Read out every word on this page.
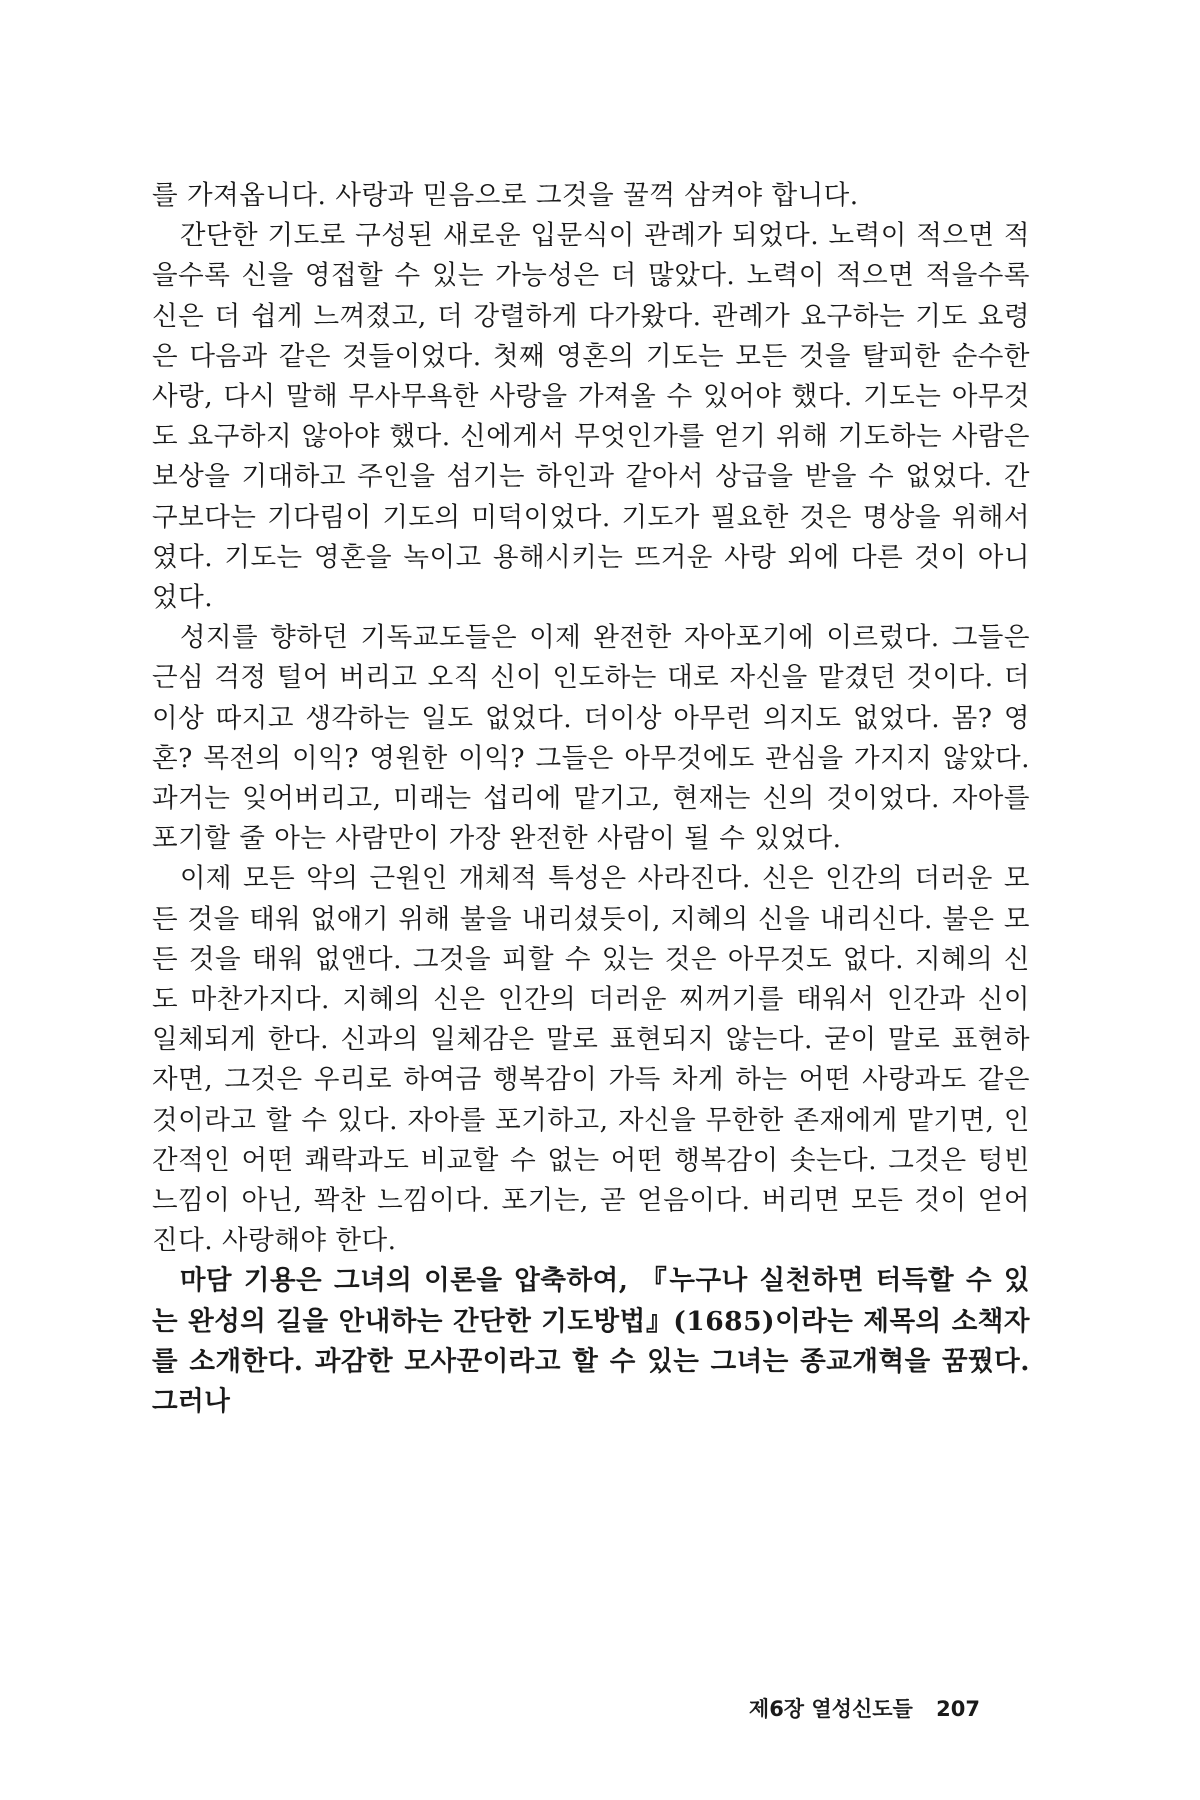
를 가져옵니다. 사랑과 믿음으로 그것을 꿀꺽 삼켜야 합니다.

간단한 기도로 구성된 새로운 입문식이 관례가 되었다. 노력이 적으면 적을수록 신을 영접할 수 있는 가능성은 더 많았다. 노력이 적으면 적을수록 신은 더 쉽게 느껴졌고, 더 강렬하게 다가왔다. 관례가 요구하는 기도 요령은 다음과 같은 것들이었다. 첫째 영혼의 기도는 모든 것을 탈피한 순수한 사랑, 다시 말해 무사무욕한 사랑을 가져올 수 있어야 했다. 기도는 아무것도 요구하지 않아야 했다. 신에게서 무엇인가를 얻기 위해 기도하는 사람은 보상을 기대하고 주인을 섬기는 하인과 같아서 상급을 받을 수 없었다. 간구보다는 기다림이 기도의 미덕이었다. 기도가 필요한 것은 명상을 위해서였다. 기도는 영혼을 녹이고 용해시키는 뜨거운 사랑 외에 다른 것이 아니었다.

성지를 향하던 기독교도들은 이제 완전한 자아포기에 이르렀다. 그들은 근심 걱정 털어 버리고 오직 신이 인도하는 대로 자신을 맡겼던 것이다. 더 이상 따지고 생각하는 일도 없었다. 더이상 아무런 의지도 없었다. 몸? 영혼? 목전의 이익? 영원한 이익? 그들은 아무것에도 관심을 가지지 않았다. 과거는 잊어버리고, 미래는 섭리에 맡기고, 현재는 신의 것이었다. 자아를 포기할 줄 아는 사람만이 가장 완전한 사람이 될 수 있었다.

이제 모든 악의 근원인 개체적 특성은 사라진다. 신은 인간의 더러운 모든 것을 태워 없애기 위해 불을 내리셨듯이, 지혜의 신을 내리신다. 불은 모든 것을 태워 없앤다. 그것을 피할 수 있는 것은 아무것도 없다. 지혜의 신도 마찬가지다. 지혜의 신은 인간의 더러운 찌꺼기를 태워서 인간과 신이 일체되게 한다. 신과의 일체감은 말로 표현되지 않는다. 굳이 말로 표현하자면, 그것은 우리로 하여금 행복감이 가득 차게 하는 어떤 사랑과도 같은 것이라고 할 수 있다. 자아를 포기하고, 자신을 무한한 존재에게 맡기면, 인간적인 어떤 쾌락과도 비교할 수 없는 어떤 행복감이 솟는다. 그것은 텅빈 느낌이 아닌, 꽉찬 느낌이다. 포기는, 곧 얻음이다. 버리면 모든 것이 얻어진다. 사랑해야 한다.

마담 기용은 그녀의 이론을 압축하여, 『누구나 실천하면 터득할 수 있는 완성의 길을 안내하는 간단한 기도방법』(1685)이라는 제목의 소책자를 소개한다. 과감한 모사꾼이라고 할 수 있는 그녀는 종교개혁을 꿈꿨다. 그러나

제6장 열성신도들 207
